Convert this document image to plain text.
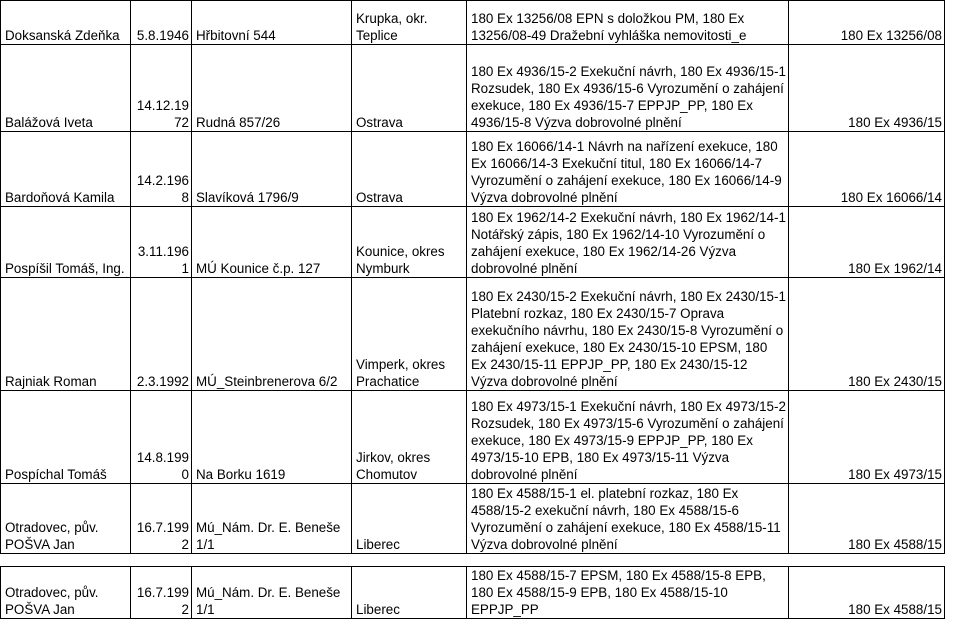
Doksanská Zdeňka	5.8.1946	Hřbitovní 544	Krupka, okr. Teplice	180 Ex 13256/08 EPN s doložkou PM, 180 Ex 13256/08-49 Dražební vyhláška nemovitosti_e	180 Ex 13256/08
Balážová Iveta	14.12.1972	Rudná 857/26	Ostrava	180 Ex 4936/15-2 Exekuční návrh, 180 Ex 4936/15-1 Rozsudek, 180 Ex 4936/15-6 Vyrozumění o zahájení exekuce, 180 Ex 4936/15-7 EPPJP_PP, 180 Ex 4936/15-8 Výzva dobrovolné plnění	180 Ex 4936/15
Bardoňová Kamila	14.2.1968	Slavíková 1796/9	Ostrava	180 Ex 16066/14-1 Návrh na nařízení exekuce, 180 Ex 16066/14-3 Exekuční titul, 180 Ex 16066/14-7 Vyrozumění o zahájení exekuce, 180 Ex 16066/14-9 Výzva dobrovolné plnění	180 Ex 16066/14
Pospíšil Tomáš, Ing.	3.11.1961	MÚ Kounice č.p. 127	Kounice, okres Nymburk	180 Ex 1962/14-2 Exekuční návrh, 180 Ex 1962/14-1 Notářský zápis, 180 Ex 1962/14-10 Vyrozumění o zahájení exekuce, 180 Ex 1962/14-26 Výzva dobrovolné plnění	180 Ex 1962/14
Rajniak Roman	2.3.1992	MÚ_Steinbrenerova 6/2	Vimperk, okres Prachatice	180 Ex 2430/15-2 Exekuční návrh, 180 Ex 2430/15-1 Platební rozkaz, 180 Ex 2430/15-7 Oprava exekučního návrhu, 180 Ex 2430/15-8 Vyrozumění o zahájení exekuce, 180 Ex 2430/15-10 EPSM, 180 Ex 2430/15-11 EPPJP_PP, 180 Ex 2430/15-12 Výzva dobrovolné plnění	180 Ex 2430/15
Pospíchal Tomáš	14.8.1990	Na Borku 1619	Jirkov, okres Chomutov	180 Ex 4973/15-1 Exekuční návrh, 180 Ex 4973/15-2 Rozsudek, 180 Ex 4973/15-6 Vyrozumění o zahájení exekuce, 180 Ex 4973/15-9 EPPJP_PP, 180 Ex 4973/15-10 EPB, 180 Ex 4973/15-11 Výzva dobrovolné plnění	180 Ex 4973/15
Otradovec, pův. POŠVA Jan	16.7.1992	Mú_Nám. Dr. E. Beneše 1/1	Liberec	180 Ex 4588/15-1 el. platební rozkaz, 180 Ex 4588/15-2 exekuční návrh, 180 Ex 4588/15-6 Vyrozumění o zahájení exekuce, 180 Ex 4588/15-11 Výzva dobrovolné plnění	180 Ex 4588/15
Otradovec, pův. POŠVA Jan	16.7.1992	Mú_Nám. Dr. E. Beneše 1/1	Liberec	180 Ex 4588/15-7 EPSM, 180 Ex 4588/15-8 EPB, 180 Ex 4588/15-9 EPB, 180 Ex 4588/15-10 EPPJP_PP	180 Ex 4588/15
